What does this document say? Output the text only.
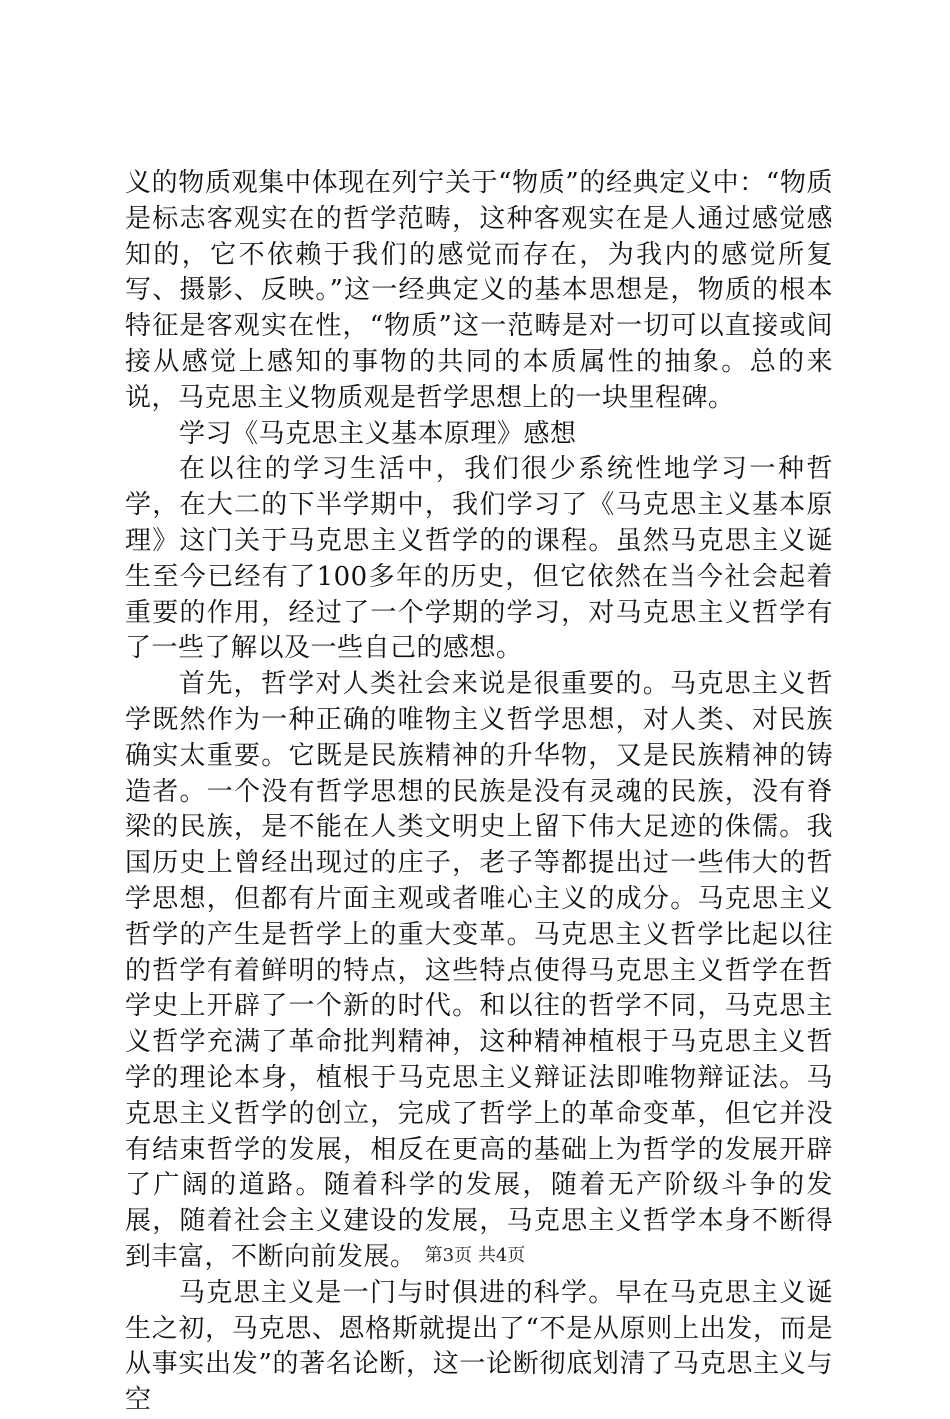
义的物质观集中体现在列宁关于“物质”的经典定义中：“物质是标志客观实在的哲学范畴，这种客观实在是人通过感觉感知的，它不依赖于我们的感觉而存在，为我内的感觉所复写、摄影、反映。”这一经典定义的基本思想是，物质的根本特征是客观实在性，“物质”这一范畴是对一切可以直接或间接从感觉上感知的事物的共同的本质属性的抽象。总的来说，马克思主义物质观是哲学思想上的一块里程碑。

学习《马克思主义基本原理》感想

在以往的学习生活中，我们很少系统性地学习一种哲学，在大二的下半学期中，我们学习了《马克思主义基本原理》这门关于马克思主义哲学的的课程。虽然马克思主义诞生至今已经有了100多年的历史，但它依然在当今社会起着重要的作用，经过了一个学期的学习，对马克思主义哲学有了一些了解以及一些自己的感想。

首先，哲学对人类社会来说是很重要的。马克思主义哲学既然作为一种正确的唯物主义哲学思想，对人类、对民族确实太重要。它既是民族精神的升华物，又是民族精神的铸造者。一个没有哲学思想的民族是没有灵魂的民族，没有脊梁的民族，是不能在人类文明史上留下伟大足迹的侏儒。我国历史上曾经出现过的庄子，老子等都提出过一些伟大的哲学思想，但都有片面主观或者唯心主义的成分。马克思主义哲学的产生是哲学上的重大变革。马克思主义哲学比起以往的哲学有着鲜明的特点，这些特点使得马克思主义哲学在哲学史上开辟了一个新的时代。和以往的哲学不同，马克思主义哲学充满了革命批判精神，这种精神植根于马克思主义哲学的理论本身，植根于马克思主义辩证法即唯物辩证法。马克思主义哲学的创立，完成了哲学上的革命变革，但它并没有结束哲学的发展，相反在更高的基础上为哲学的发展开辟了广阔的道路。随着科学的发展，随着无产阶级斗争的发展，随着社会主义建设的发展，马克思主义哲学本身不断得到丰富，不断向前发展。

马克思主义是一门与时俱进的科学。早在马克思主义诞生之初，马克思、恩格斯就提出了“不是从原则上出发，而是从事实出发”的著名论断，这一论断彻底划清了马克思主义与空

第3页 共4页
